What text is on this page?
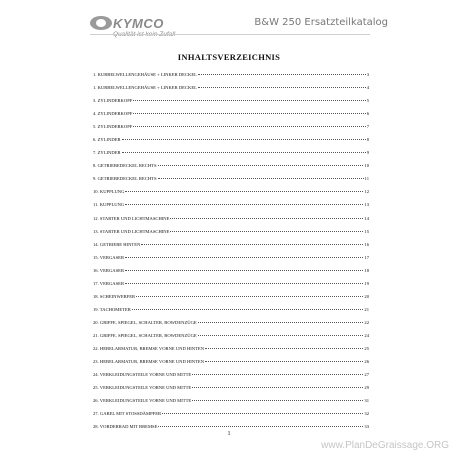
KYMCO	B&W 250 Ersatzteilkatalog
INHALTSVERZEICHNIS
1. KURBELWELLENGEHÄUSE + LINKER DECKEL	3
1. KURBELWELLENGEHÄUSE + LINKER DECKEL	4
3. ZYLINDERKOPF	5
4. ZYLINDERKOPF	6
5. ZYLINDERKOPF	7
6. ZYLINDER	8
7. ZYLINDER	9
8. GETRIEBEDECKEL RECHTS	10
9. GETRIEBEDECKEL RECHTS	11
10. KUPPLUNG	12
11. KUPPLUNG	13
12. STARTER UND LICHTMASCHINE	14
13. STARTER UND LICHTMASCHINE	15
14. GETRIEBE HINTEN	16
15. VERGASER	17
16. VERGASER	18
17. VERGASER	19
18. SCHEINWERFER	20
19. TACHOMETER	21
20. GRIFFE, SPIEGEL, SCHALTER, BOWDENZÜGE	22
21. GRIFFE, SPIEGEL, SCHALTER, BOWDENZÜGE	24
22. HEBELARMATUR, BREMSE VORNE UND HINTEN	25
23. HEBELARMATUR, BREMSE VORNE UND HINTEN	26
24. VERKLEIDUNGSTEILE VORNE UND MITTE	27
25. VERKLEIDUNGSTEILE VORNE UND MITTE	29
26. VERKLEIDUNGSTEILE VORNE UND MITTE	31
27. GABEL MIT STOSSDÄMPFER	32
28. VORDERRAD MIT BREMSE	33
1
www.PlanDeGraissage.ORG
